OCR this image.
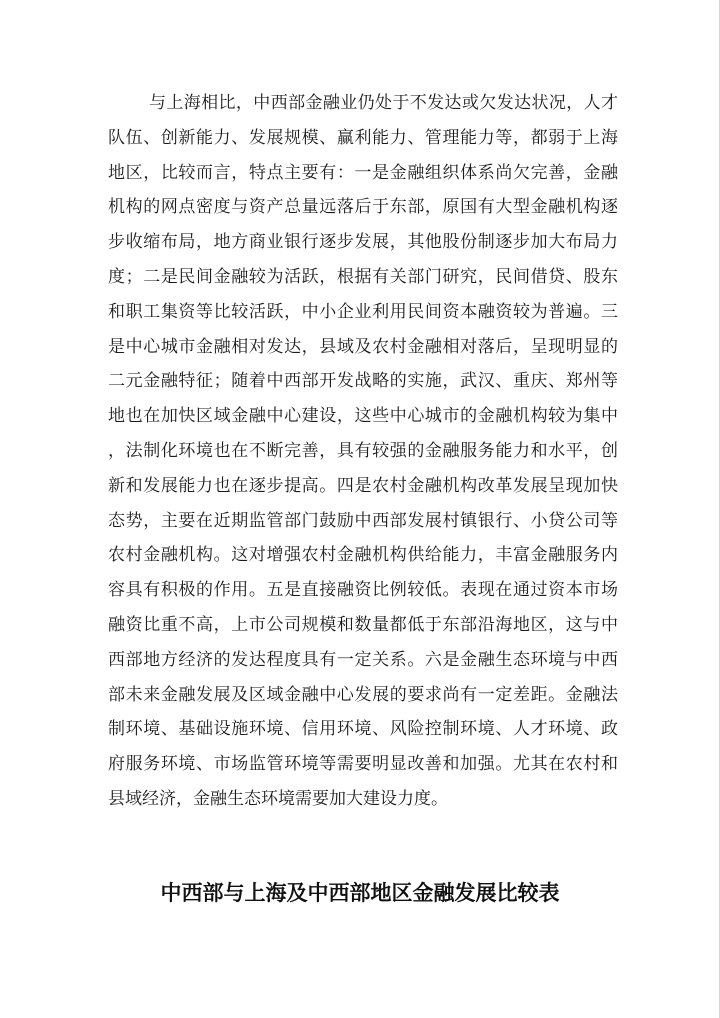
与上海相比，中西部金融业仍处于不发达或欠发达状况，人才
队伍、创新能力、发展规模、赢利能力、管理能力等，都弱于上海
地区，比较而言，特点主要有：一是金融组织体系尚欠完善，金融
机构的网点密度与资产总量远落后于东部，原国有大型金融机构逐
步收缩布局，地方商业银行逐步发展，其他股份制逐步加大布局力
度；二是民间金融较为活跃，根据有关部门研究，民间借贷、股东
和职工集资等比较活跃，中小企业利用民间资本融资较为普遍。三
是中心城市金融相对发达，县域及农村金融相对落后，呈现明显的
二元金融特征；随着中西部开发战略的实施，武汉、重庆、郑州等
地也在加快区域金融中心建设，这些中心城市的金融机构较为集中
，法制化环境也在不断完善，具有较强的金融服务能力和水平，创
新和发展能力也在逐步提高。四是农村金融机构改革发展呈现加快
态势，主要在近期监管部门鼓励中西部发展村镇银行、小贷公司等
农村金融机构。这对增强农村金融机构供给能力，丰富金融服务内
容具有积极的作用。五是直接融资比例较低。表现在通过资本市场
融资比重不高，上市公司规模和数量都低于东部沿海地区，这与中
西部地方经济的发达程度具有一定关系。六是金融生态环境与中西
部未来金融发展及区域金融中心发展的要求尚有一定差距。金融法
制环境、基础设施环境、信用环境、风险控制环境、人才环境、政
府服务环境、市场监管环境等需要明显改善和加强。尤其在农村和
县域经济，金融生态环境需要加大建设力度。
中西部与上海及中西部地区金融发展比较表
